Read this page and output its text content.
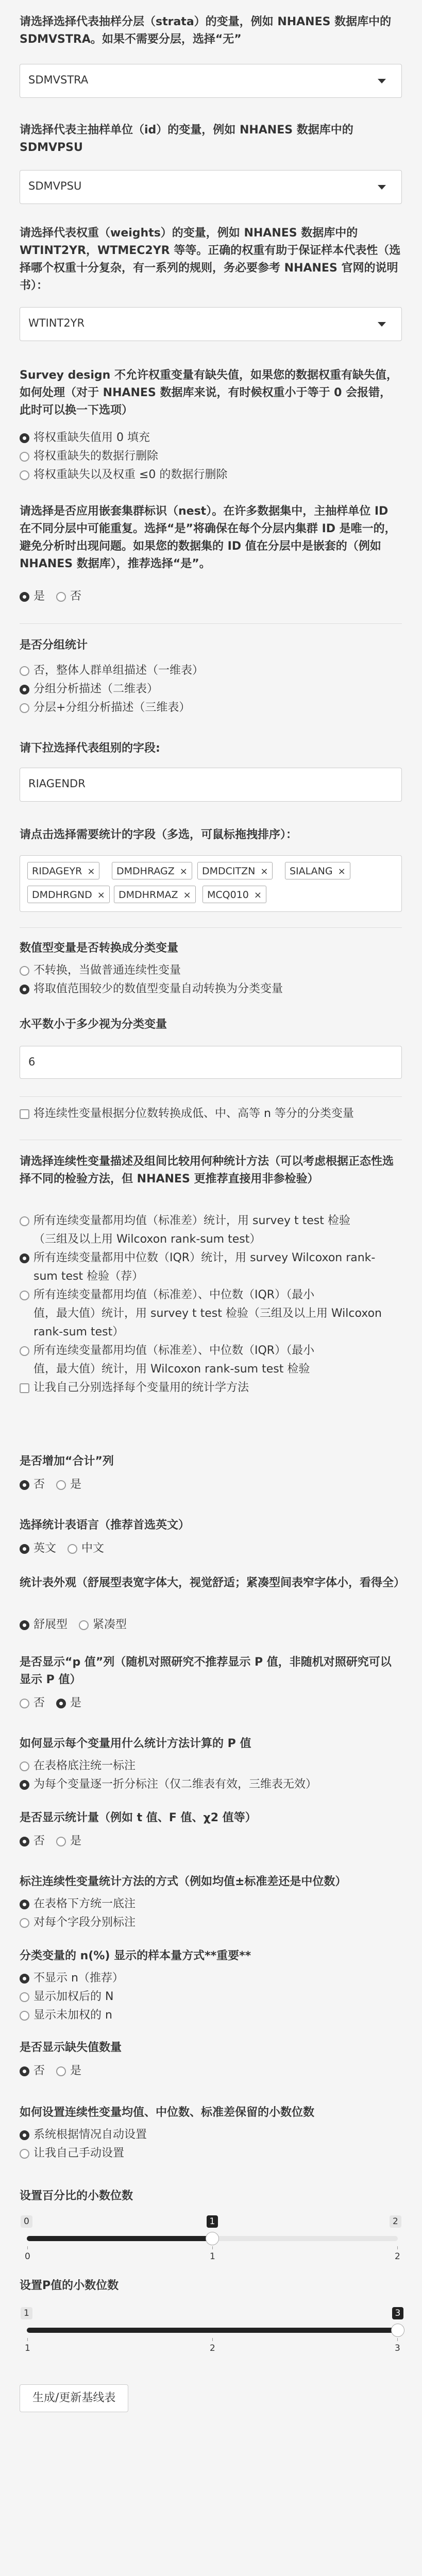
请选择选择代表抽样分层（strata）的变量，例如 NHANES 数据库中的 SDMVSTRA。如果不需要分层，选择“无”
SDMVSTRA
请选择代表主抽样单位（id）的变量，例如 NHANES 数据库中的 SDMVPSU
SDMVPSU
请选择代表权重（weights）的变量，例如 NHANES 数据库中的 WTINT2YR，WTMEC2YR 等等。正确的权重有助于保证样本代表性（选择哪个权重十分复杂，有一系列的规则，务必要参考 NHANES 官网的说明书）：
WTINT2YR
Survey design 不允许权重变量有缺失值，如果您的数据权重有缺失值，如何处理（对于 NHANES 数据库来说，有时候权重小于等于 0 会报错，此时可以换一下选项）
将权重缺失值用 0 填充
将权重缺失的数据行删除
将权重缺失以及权重 ≤0 的数据行删除
请选择是否应用嵌套集群标识（nest）。在许多数据集中，主抽样单位 ID 在不同分层中可能重复。选择“是”将确保在每个分层内集群 ID 是唯一的，避免分析时出现问题。如果您的数据集的 ID 值在分层中是嵌套的（例如 NHANES 数据库），推荐选择“是”。
是 否
是否分组统计
否，整体人群单组描述（一维表）
分组分析描述（二维表）
分层+分组分析描述（三维表）
请下拉选择代表组别的字段:
RIAGENDR
请点击选择需要统计的字段（多选，可鼠标拖拽排序）：
RIDAGEYR ×	DMDHRAGZ ×	DMDCITZN ×	SIALANG ×
DMDHRGND ×	DMDHRMAZ ×	MCQ010 ×
数值型变量是否转换成分类变量
不转换，当做普通连续性变量
将取值范围较少的数值型变量自动转换为分类变量
水平数小于多少视为分类变量
6
将连续性变量根据分位数转换成低、中、高等 n 等分的分类变量
请选择连续性变量描述及组间比较用何种统计方法（可以考虑根据正态性选择不同的检验方法，但 NHANES 更推荐直接用非参检验）
所有连续变量都用均值（标准差）统计，用 survey t test 检验
（三组及以上用 Wilcoxon rank-sum test）
所有连续变量都用中位数（IQR）统计，用 survey Wilcoxon rank-
sum test 检验（荐）
所有连续变量都用均值（标准差）、中位数（IQR）（最小
值，最大值）统计，用 survey t test 检验（三组及以上用 Wilcoxon
rank-sum test）
所有连续变量都用均值（标准差）、中位数（IQR）（最小
值，最大值）统计，用 Wilcoxon rank-sum test 检验
让我自己分别选择每个变量用的统计学方法
是否增加“合计”列
否 是
选择统计表语言（推荐首选英文）
英文 中文
统计表外观（舒展型表宽字体大，视觉舒适；紧凑型间表窄字体小，看得全）
舒展型 紧凑型
是否显示“p 值”列（随机对照研究不推荐显示 P 值，非随机对照研究可以显示 P 值）
否 是
如何显示每个变量用什么统计方法计算的 P 值
在表格底注统一标注
为每个变量逐一折分标注（仅二维表有效，三维表无效）
是否显示统计量（例如 t 值、F 值、χ2 值等）
否 是
标注连续性变量统计方法的方式（例如均值±标准差还是中位数）
在表格下方统一底注
对每个字段分别标注
分类变量的 n(%) 显示的样本量方式**重要**
不显示 n（推荐）
显示加权后的 N
显示未加权的 n
是否显示缺失值数量
否 是
如何设置连续性变量均值、中位数、标准差保留的小数位数
系统根据情况自动设置
让我自己手动设置
设置百分比的小数位数
0	2
1
0	1	2
设置P值的小数位数
1	3
1	2	3
生成/更新基线表
